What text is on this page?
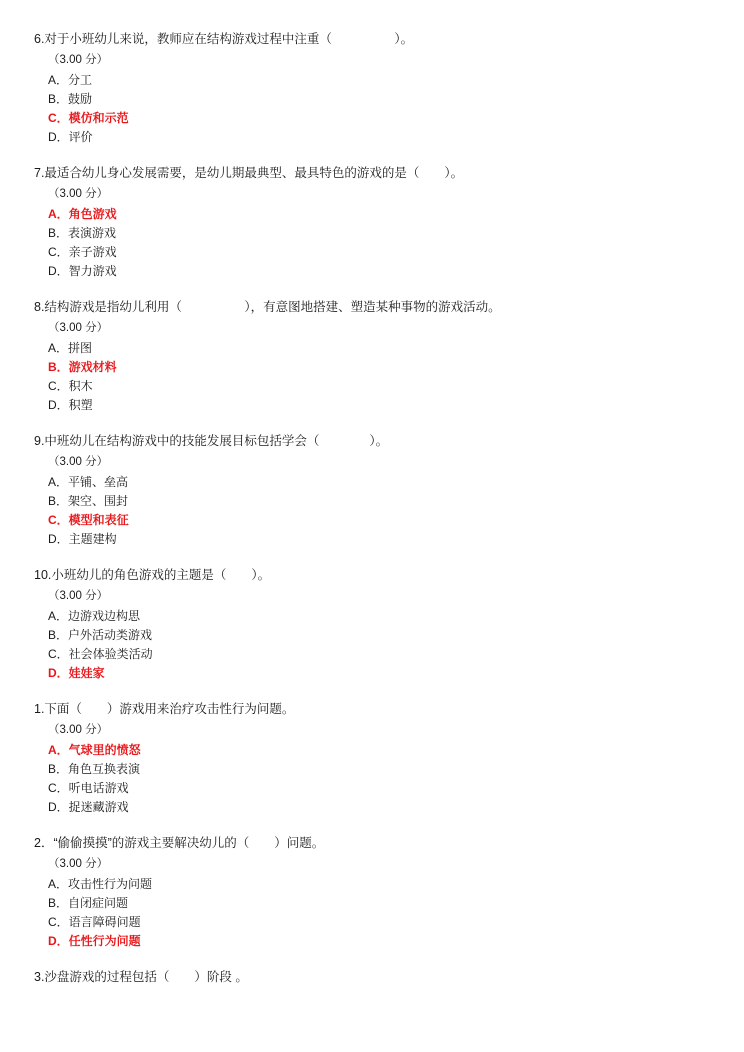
6.对于小班幼儿来说，教师应在结构游戏过程中注重（　　　　　）。

（3.00 分）

A．分工

B．鼓励

C．模仿和示范

D．评价

7.最适合幼儿身心发展需要，是幼儿期最典型、最具特色的游戏的是（　　）。

（3.00 分）

A．角色游戏

B．表演游戏

C．亲子游戏

D．智力游戏

8.结构游戏是指幼儿利用（　　　　　），有意图地搭建、塑造某种事物的游戏活动。

（3.00 分）

A．拼图

B．游戏材料

C．积木

D．积塑

9.中班幼儿在结构游戏中的技能发展目标包括学会（　　　　）。

（3.00 分）

A．平铺、垒高

B．架空、围封

C．模型和表征

D．主题建构

10.小班幼儿的角色游戏的主题是（　　）。

（3.00 分）

A．边游戏边构思

B．户外活动类游戏

C．社会体验类活动

D．娃娃家

1.下面（　　）游戏用来治疗攻击性行为问题。

（3.00 分）

A．气球里的愤怒

B．角色互换表演

C．听电话游戏

D．捉迷藏游戏

2．“偷偷摸摸”的游戏主要解决幼儿的（　　）问题。

（3.00 分）

A．攻击性行为问题

B．自闭症问题

C．语言障碍问题

D．任性行为问题

3.沙盘游戏的过程包括（　　）阶段 。
